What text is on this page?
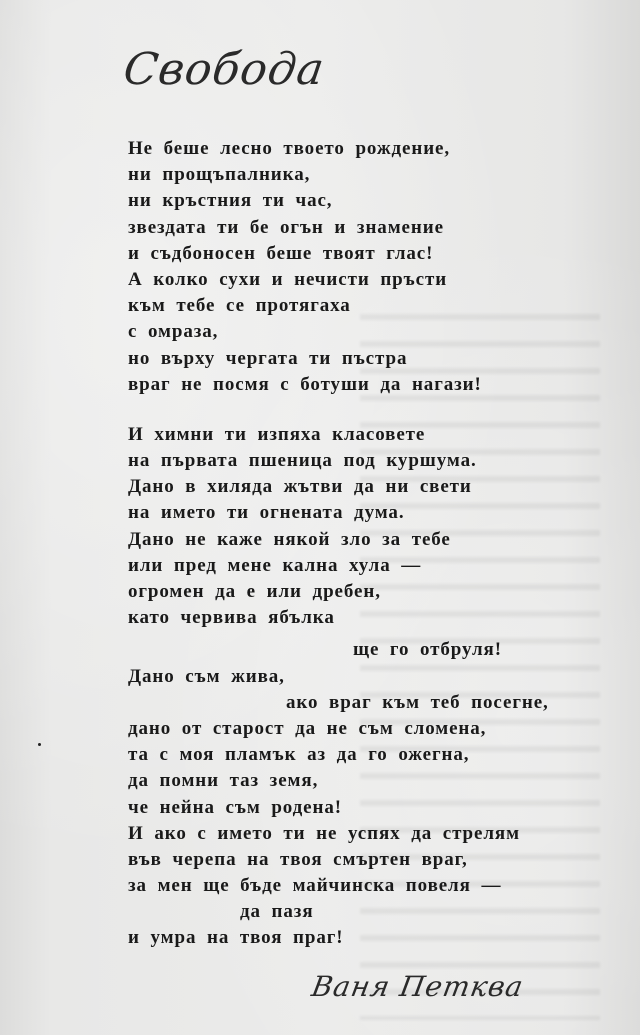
Свобода
Не беше лесно твоето рождение,
ни прощъпалника,
ни кръстния ти час,
звездата ти бе огън и знамение
и съдбоносен беше твоят глас!
А колко сухи и нечисти пръсти
към тебе се протягаха
с омраза,
но върху чергата ти пъстра
враг не посмя с ботуши да нагази!
И химни ти изпяха класовете
на първата пшеница под куршума.
Дано в хиляда жътви да ни свети
на името ти огнената дума.
Дано не каже някой зло за тебе
или пред мене кална хула —
огромен да е или дребен,
като червива ябълка
ще го отбруля!
Дано съм жива,
ако враг към теб посегне,
дано от старост да не съм сломена,
та с моя пламък аз да го ожегна,
да помни таз земя,
че нейна съм родена!
И ако с името ти не успях да стрелям
във черепа на твоя смъртен враг,
за мен ще бъде майчинска повеля —
да пазя
и умра на твоя праг!
Ваня Петква
